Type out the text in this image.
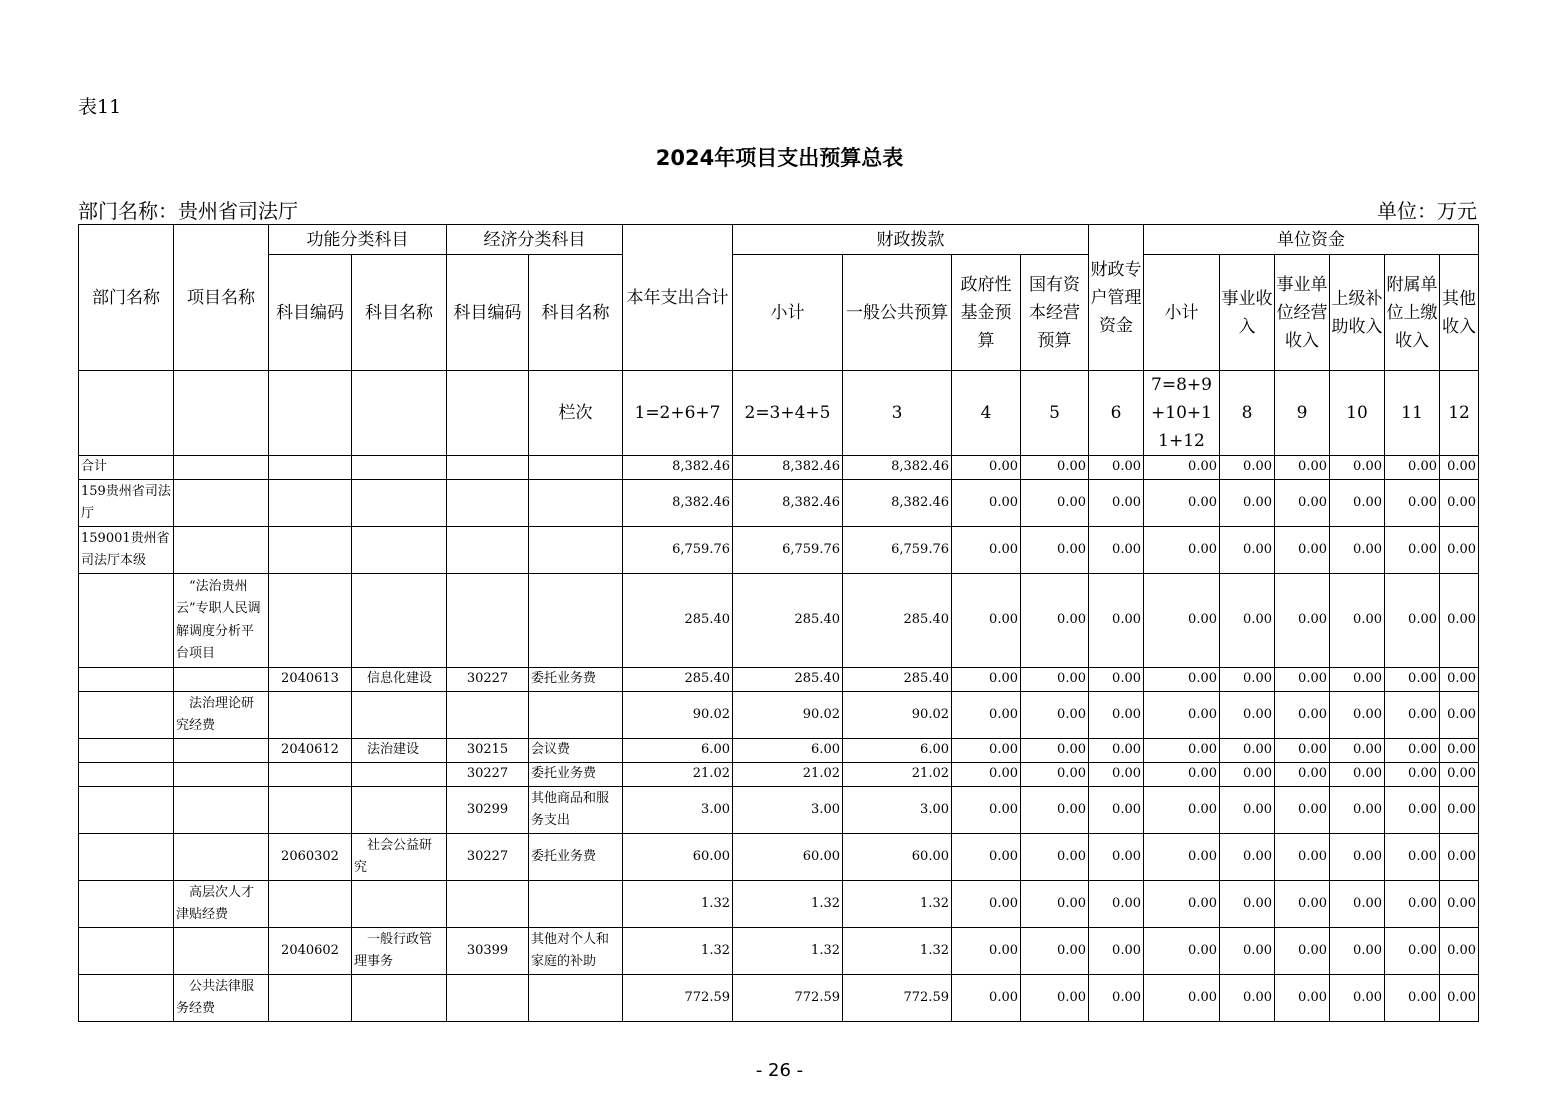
表11
2024年项目支出预算总表
部门名称：贵州省司法厅	单位：万元
部门名称	项目名称	功能分类科目		经济分类科目		本年支出合计	财政拨款				财政专户管理资金	单位资金					
		科目编码	科目名称	科目编码	科目名称		小计	一般公共预算	政府性基金预算	国有资本经营预算		小计	事业收入	事业单位经营收入	上级补助收入	附属单位上缴收入	其他收入
					栏次	1=2+6+7	2=3+4+5	3	4	5	6	7=8+9+10+11+12	8	9	10	11	12
合计						8,382.46	8,382.46	8,382.46	0.00	0.00	0.00	0.00	0.00	0.00	0.00	0.00	0.00
159贵州省司法厅						8,382.46	8,382.46	8,382.46	0.00	0.00	0.00	0.00	0.00	0.00	0.00	0.00	0.00
159001贵州省司法厅本级						6,759.76	6,759.76	6,759.76	0.00	0.00	0.00	0.00	0.00	0.00	0.00	0.00	0.00
	“法治贵州云”专职人民调解调度分析平台项目					285.40	285.40	285.40	0.00	0.00	0.00	0.00	0.00	0.00	0.00	0.00	0.00
		2040613	信息化建设	30227	委托业务费	285.40	285.40	285.40	0.00	0.00	0.00	0.00	0.00	0.00	0.00	0.00	0.00
	法治理论研究经费					90.02	90.02	90.02	0.00	0.00	0.00	0.00	0.00	0.00	0.00	0.00	0.00
		2040612	法治建设	30215	会议费	6.00	6.00	6.00	0.00	0.00	0.00	0.00	0.00	0.00	0.00	0.00	0.00
				30227	委托业务费	21.02	21.02	21.02	0.00	0.00	0.00	0.00	0.00	0.00	0.00	0.00	0.00
				30299	其他商品和服务支出	3.00	3.00	3.00	0.00	0.00	0.00	0.00	0.00	0.00	0.00	0.00	0.00
		2060302	社会公益研究	30227	委托业务费	60.00	60.00	60.00	0.00	0.00	0.00	0.00	0.00	0.00	0.00	0.00	0.00
	高层次人才津贴经费					1.32	1.32	1.32	0.00	0.00	0.00	0.00	0.00	0.00	0.00	0.00	0.00
		2040602	一般行政管理事务	30399	其他对个人和家庭的补助	1.32	1.32	1.32	0.00	0.00	0.00	0.00	0.00	0.00	0.00	0.00	0.00
	公共法律服务经费					772.59	772.59	772.59	0.00	0.00	0.00	0.00	0.00	0.00	0.00	0.00	0.00
- 26 -
